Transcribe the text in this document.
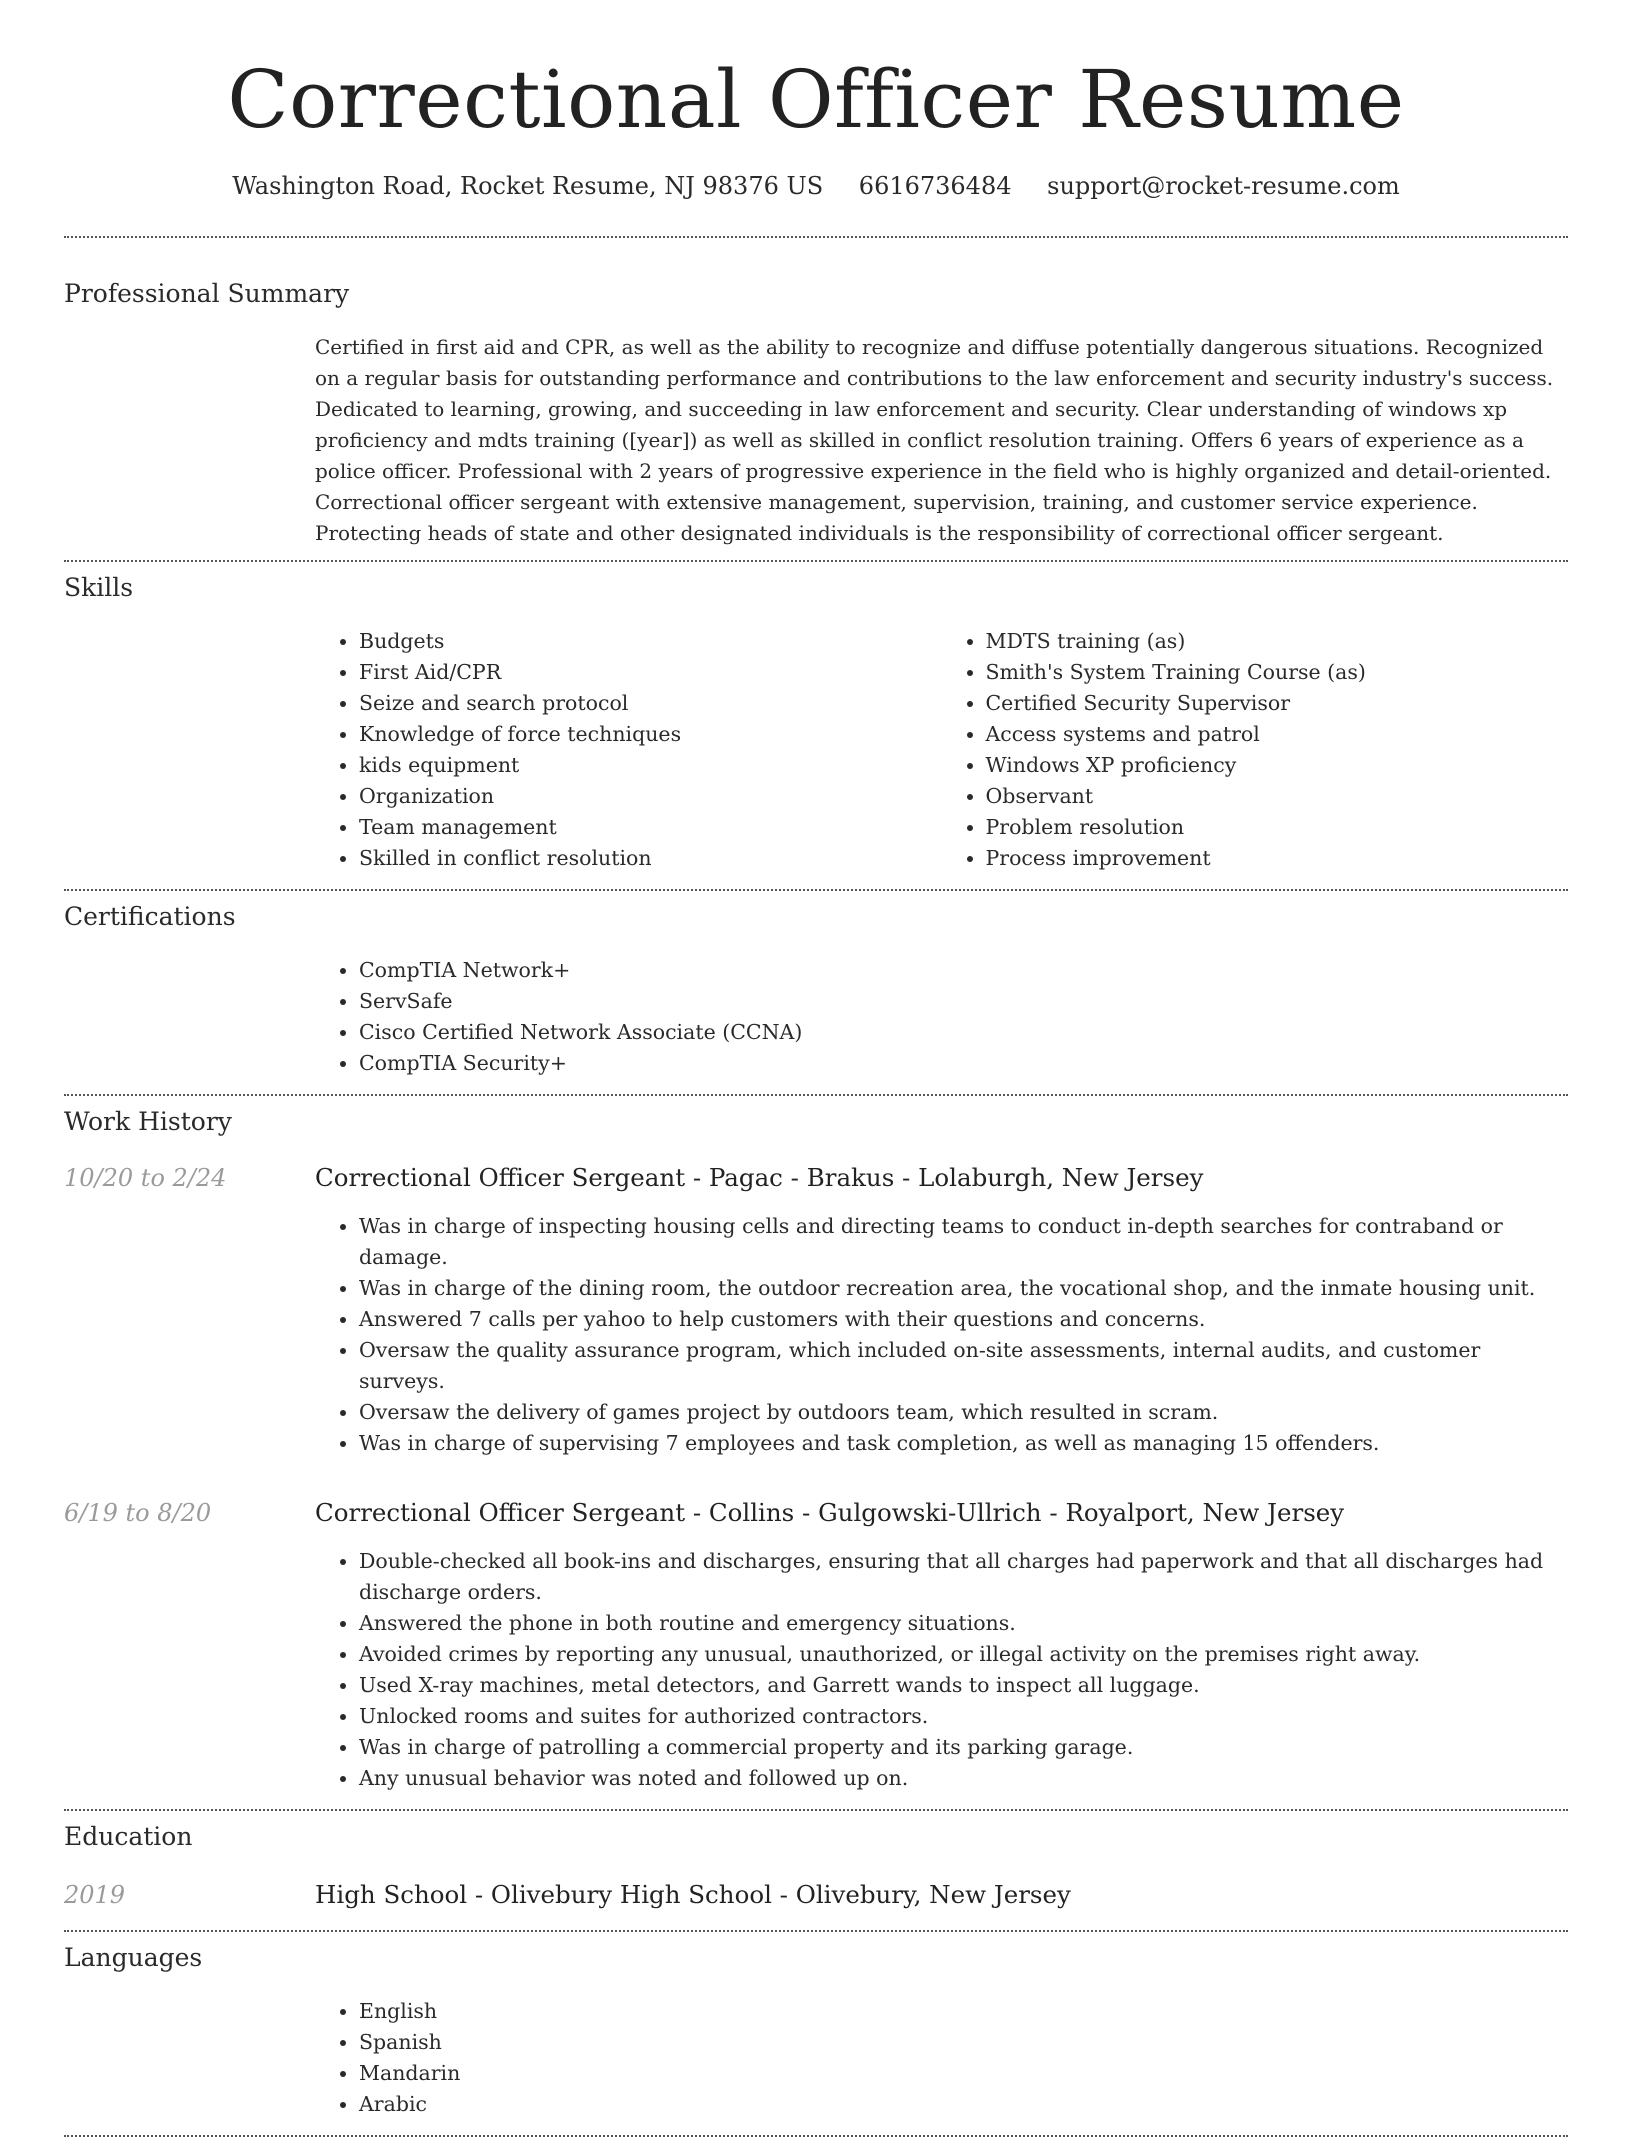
Correctional Officer Resume
Washington Road, Rocket Resume, NJ 98376 US 6616736484 support@rocket-resume.com
Professional Summary

Certified in first aid and CPR, as well as the ability to recognize and diffuse potentially dangerous situations. Recognized on a regular basis for outstanding performance and contributions to the law enforcement and security industry's success. Dedicated to learning, growing, and succeeding in law enforcement and security. Clear understanding of windows xp proficiency and mdts training ([year]) as well as skilled in conflict resolution training. Offers 6 years of experience as a police officer. Professional with 2 years of progressive experience in the field who is highly organized and detail-oriented. Correctional officer sergeant with extensive management, supervision, training, and customer service experience. Protecting heads of state and other designated individuals is the responsibility of correctional officer sergeant.

Skills
• Budgets
• First Aid/CPR
• Seize and search protocol
• Knowledge of force techniques
• kids equipment
• Organization
• Team management
• Skilled in conflict resolution
• MDTS training (as)
• Smith's System Training Course (as)
• Certified Security Supervisor
• Access systems and patrol
• Windows XP proficiency
• Observant
• Problem resolution
• Process improvement
Certifications
• CompTIA Network+
• ServSafe
• Cisco Certified Network Associate (CCNA)
• CompTIA Security+
Work History
10/20 to 2/24	Correctional Officer Sergeant - Pagac - Brakus - Lolaburgh, New Jersey
• Was in charge of inspecting housing cells and directing teams to conduct in-depth searches for contraband or damage.
• Was in charge of the dining room, the outdoor recreation area, the vocational shop, and the inmate housing unit.
• Answered 7 calls per yahoo to help customers with their questions and concerns.
• Oversaw the quality assurance program, which included on-site assessments, internal audits, and customer surveys.
• Oversaw the delivery of games project by outdoors team, which resulted in scram.
• Was in charge of supervising 7 employees and task completion, as well as managing 15 offenders.
6/19 to 8/20	Correctional Officer Sergeant - Collins - Gulgowski-Ullrich - Royalport, New Jersey
• Double-checked all book-ins and discharges, ensuring that all charges had paperwork and that all discharges had discharge orders.
• Answered the phone in both routine and emergency situations.
• Avoided crimes by reporting any unusual, unauthorized, or illegal activity on the premises right away.
• Used X-ray machines, metal detectors, and Garrett wands to inspect all luggage.
• Unlocked rooms and suites for authorized contractors.
• Was in charge of patrolling a commercial property and its parking garage.
• Any unusual behavior was noted and followed up on.
Education
2019	High School - Olivebury High School - Olivebury, New Jersey
Languages
• English
• Spanish
• Mandarin
• Arabic
